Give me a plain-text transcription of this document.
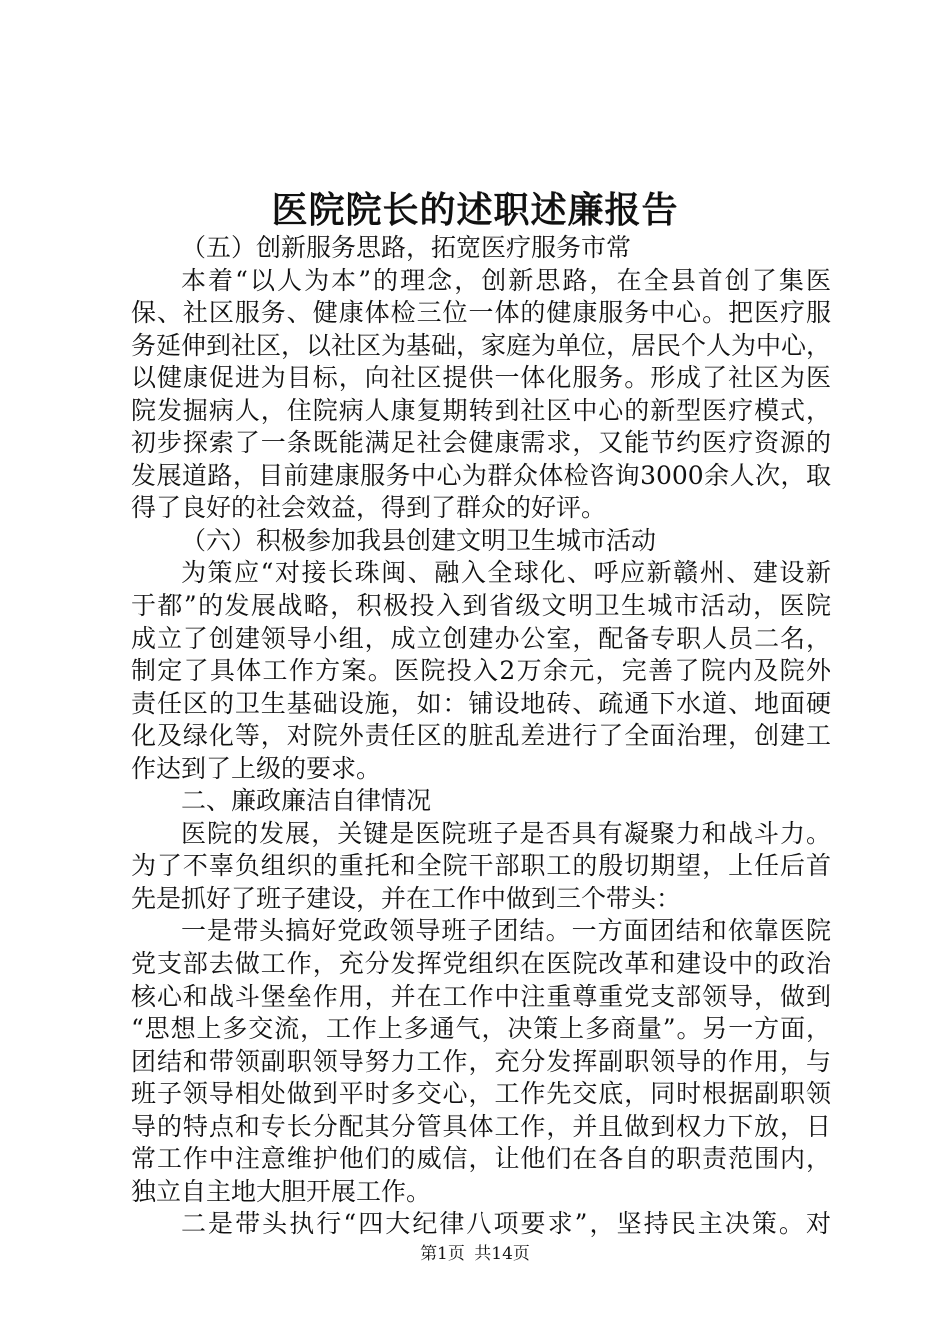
医院院长的述职述廉报告
（五）创新服务思路，拓宽医疗服务市常
本着“以人为本”的理念，创新思路，在全县首创了集医
保、社区服务、健康体检三位一体的健康服务中心。把医疗服
务延伸到社区，以社区为基础，家庭为单位，居民个人为中心，
以健康促进为目标，向社区提供一体化服务。形成了社区为医
院发掘病人，住院病人康复期转到社区中心的新型医疗模式，
初步探索了一条既能满足社会健康需求，又能节约医疗资源的
发展道路，目前建康服务中心为群众体检咨询3000余人次，取
得了良好的社会效益，得到了群众的好评。
（六）积极参加我县创建文明卫生城市活动
为策应“对接长珠闽、融入全球化、呼应新赣州、建设新
于都”的发展战略，积极投入到省级文明卫生城市活动，医院
成立了创建领导小组，成立创建办公室，配备专职人员二名，
制定了具体工作方案。医院投入2万余元，完善了院内及院外
责任区的卫生基础设施，如：铺设地砖、疏通下水道、地面硬
化及绿化等，对院外责任区的脏乱差进行了全面治理，创建工
作达到了上级的要求。
二、廉政廉洁自律情况
医院的发展，关键是医院班子是否具有凝聚力和战斗力。
为了不辜负组织的重托和全院干部职工的殷切期望，上任后首
先是抓好了班子建设，并在工作中做到三个带头：
一是带头搞好党政领导班子团结。一方面团结和依靠医院
党支部去做工作，充分发挥党组织在医院改革和建设中的政治
核心和战斗堡垒作用，并在工作中注重尊重党支部领导，做到
“思想上多交流，工作上多通气，决策上多商量”。另一方面，
团结和带领副职领导努力工作，充分发挥副职领导的作用，与
班子领导相处做到平时多交心，工作先交底，同时根据副职领
导的特点和专长分配其分管具体工作，并且做到权力下放，日
常工作中注意维护他们的威信，让他们在各自的职责范围内，
独立自主地大胆开展工作。
二是带头执行“四大纪律八项要求”，坚持民主决策。对
第1页 共14页
